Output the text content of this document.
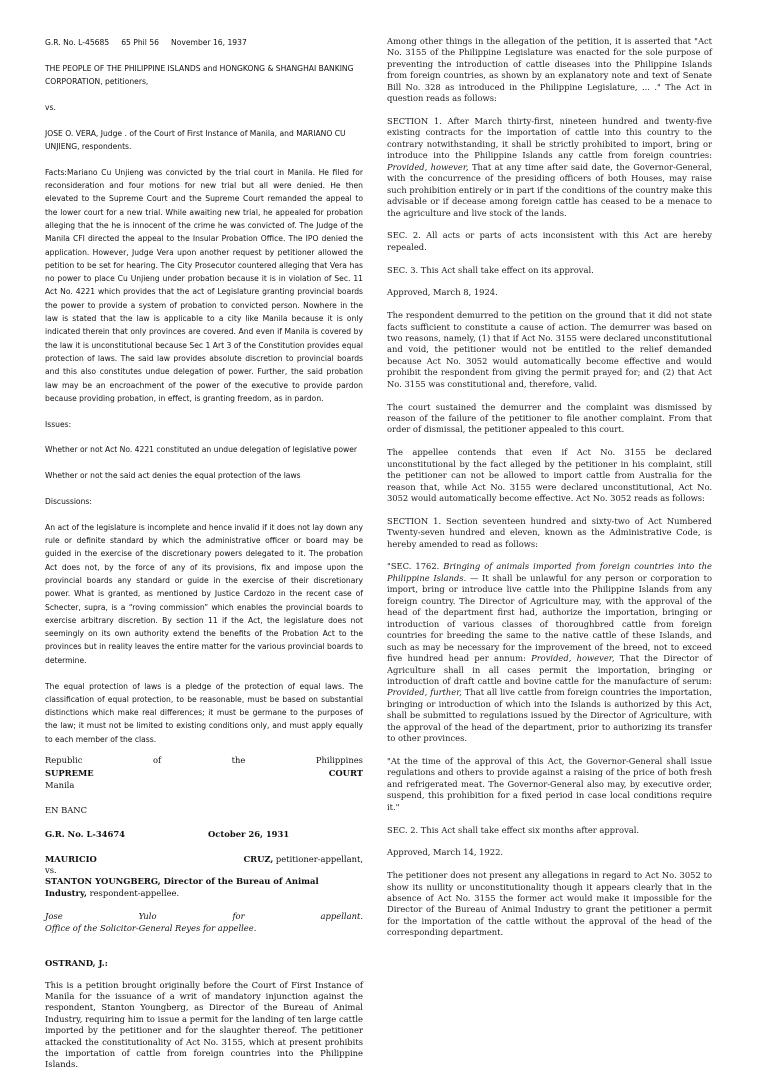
G.R. No. L-45685     65 Phil 56     November 16, 1937

THE PEOPLE OF THE PHILIPPINE ISLANDS and HONGKONG & SHANGHAI BANKING CORPORATION, petitioners,

vs.

JOSE O. VERA, Judge . of the Court of First Instance of Manila, and MARIANO CU UNJIENG, respondents.

Facts:Mariano Cu Unjieng was convicted by the trial court in Manila. He filed for reconsideration and four motions for new trial but all were denied. He then elevated to the Supreme Court and the Supreme Court remanded the appeal to the lower court for a new trial. While awaiting new trial, he appealed for probation alleging that the he is innocent of the crime he was convicted of. The Judge of the Manila CFI directed the appeal to the Insular Probation Office. The IPO denied the application. However, Judge Vera upon another request by petitioner allowed the petition to be set for hearing. The City Prosecutor countered alleging that Vera has no power to place Cu Unjieng under probation because it is in violation of Sec. 11 Act No. 4221 which provides that the act of Legislature granting provincial boards the power to provide a system of probation to convicted person. Nowhere in the law is stated that the law is applicable to a city like Manila because it is only indicated therein that only provinces are covered. And even if Manila is covered by the law it is unconstitutional because Sec 1 Art 3 of the Constitution provides equal protection of laws. The said law provides absolute discretion to provincial boards and this also constitutes undue delegation of power. Further, the said probation law may be an encroachment of the power of the executive to provide pardon because providing probation, in effect, is granting freedom, as in pardon.

Issues:

Whether or not Act No. 4221 constituted an undue delegation of legislative power

Whether or not the said act denies the equal protection of the laws

Discussions:

An act of the legislature is incomplete and hence invalid if it does not lay down any rule or definite standard by which the administrative officer or board may be guided in the exercise of the discretionary powers delegated to it. The probation Act does not, by the force of any of its provisions, fix and impose upon the provincial boards any standard or guide in the exercise of their discretionary power. What is granted, as mentioned by Justice Cardozo in the recent case of Schecter, supra, is a “roving commission” which enables the provincial boards to exercise arbitrary discretion. By section 11 if the Act, the legislature does not seemingly on its own authority extend the benefits of the Probation Act to the provinces but in reality leaves the entire matter for the various provincial boards to determine.

The equal protection of laws is a pledge of the protection of equal laws. The classification of equal protection, to be reasonable, must be based on substantial distinctions which make real differences; it must be germane to the purposes of the law; it must not be limited to existing conditions only, and must apply equally to each member of the class.

Republic	of	the	Philippines
SUPREME	COURT

Manila

EN BANC

G.R. No. L-34674	October 26, 1931
MAURICIO	CRUZ, petitioner-appellant,

vs.

STANTON YOUNGBERG, Director of the Bureau of Animal Industry, respondent-appellee.

Jose	Yulo	for	appellant.

Office of the Solicitor-General Reyes for appellee.

OSTRAND, J.:

This is a petition brought originally before the Court of First Instance of Manila for the issuance of a writ of mandatory injunction against the respondent, Stanton Youngberg, as Director of the Bureau of Animal Industry, requiring him to issue a permit for the landing of ten large cattle imported by the petitioner and for the slaughter thereof. The petitioner attacked the constitutionality of Act No. 3155, which at present prohibits the importation of cattle from foreign countries into the Philippine Islands.

Among other things in the allegation of the petition, it is asserted that "Act No. 3155 of the Philippine Legislature was enacted for the sole purpose of preventing the introduction of cattle diseases into the Philippine Islands from foreign countries, as shown by an explanatory note and text of Senate Bill No. 328 as introduced in the Philippine Legislature, ... ." The Act in question reads as follows:

SECTION 1. After March thirty-first, nineteen hundred and twenty-five existing contracts for the importation of cattle into this country to the contrary notwithstanding, it shall be strictly prohibited to import, bring or introduce into the Philippine Islands any cattle from foreign countries: Provided, however, That at any time after said date, the Governor-General, with the concurrence of the presiding officers of both Houses, may raise such prohibition entirely or in part if the conditions of the country make this advisable or if decease among foreign cattle has ceased to be a menace to the agriculture and live stock of the lands.

SEC. 2. All acts or parts of acts inconsistent with this Act are hereby repealed.

SEC. 3. This Act shall take effect on its approval.

Approved, March 8, 1924.

The respondent demurred to the petition on the ground that it did not state facts sufficient to constitute a cause of action. The demurrer was based on two reasons, namely, (1) that if Act No. 3155 were declared unconstitutional and void, the petitioner would not be entitled to the relief demanded because Act No. 3052 would automatically become effective and would prohibit the respondent from giving the permit prayed for; and (2) that Act No. 3155 was constitutional and, therefore, valid.

The court sustained the demurrer and the complaint was dismissed by reason of the failure of the petitioner to file another complaint. From that order of dismissal, the petitioner appealed to this court.

The appellee contends that even if Act No. 3155 be declared unconstitutional by the fact alleged by the petitioner in his complaint, still the petitioner can not be allowed to import cattle from Australia for the reason that, while Act No. 3155 were declared unconstitutional, Act No. 3052 would automatically become effective. Act No. 3052 reads as follows:

SECTION 1. Section seventeen hundred and sixty-two of Act Numbered Twenty-seven hundred and eleven, known as the Administrative Code, is hereby amended to read as follows:

"SEC. 1762. Bringing of animals imported from foreign countries into the Philippine Islands. — It shall be unlawful for any person or corporation to import, bring or introduce live cattle into the Philippine Islands from any foreign country. The Director of Agriculture may, with the approval of the head of the department first had, authorize the importation, bringing or introduction of various classes of thoroughbred cattle from foreign countries for breeding the same to the native cattle of these Islands, and such as may be necessary for the improvement of the breed, not to exceed five hundred head per annum: Provided, however, That the Director of Agriculture shall in all cases permit the importation, bringing or introduction of draft cattle and bovine cattle for the manufacture of serum: Provided, further, That all live cattle from foreign countries the importation, bringing or introduction of which into the Islands is authorized by this Act, shall be submitted to regulations issued by the Director of Agriculture, with the approval of the head of the department, prior to authorizing its transfer to other provinces.

"At the time of the approval of this Act, the Governor-General shall issue regulations and others to provide against a raising of the price of both fresh and refrigerated meat. The Governor-General also may, by executive order, suspend, this prohibition for a fixed period in case local conditions require it."

SEC. 2. This Act shall take effect six months after approval.

Approved, March 14, 1922.

The petitioner does not present any allegations in regard to Act No. 3052 to show its nullity or unconstitutionality though it appears clearly that in the absence of Act No. 3155 the former act would make it impossible for the Director of the Bureau of Animal Industry to grant the petitioner a permit for the importation of the cattle without the approval of the head of the corresponding department.
